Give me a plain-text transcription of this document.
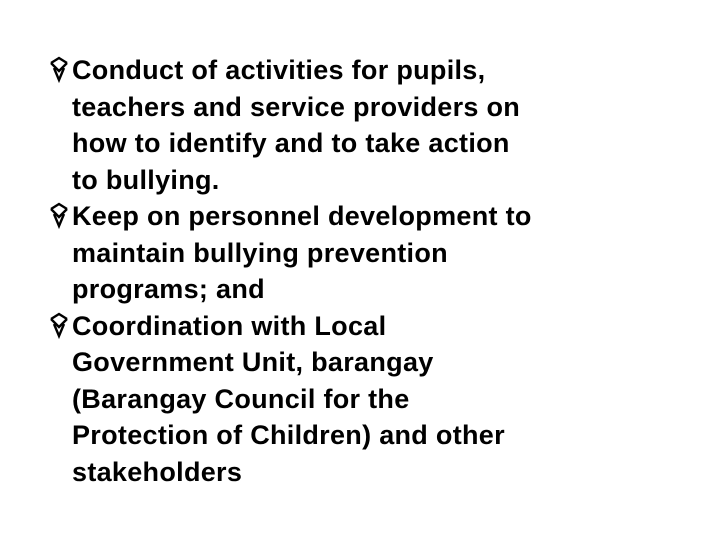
Conduct of activities for pupils,
teachers and service providers on
how to identify and to take action
to bullying.
Keep on personnel development to
maintain bullying prevention
programs; and
Coordination with Local
Government Unit, barangay
(Barangay Council for the
Protection of Children) and other
stakeholders
